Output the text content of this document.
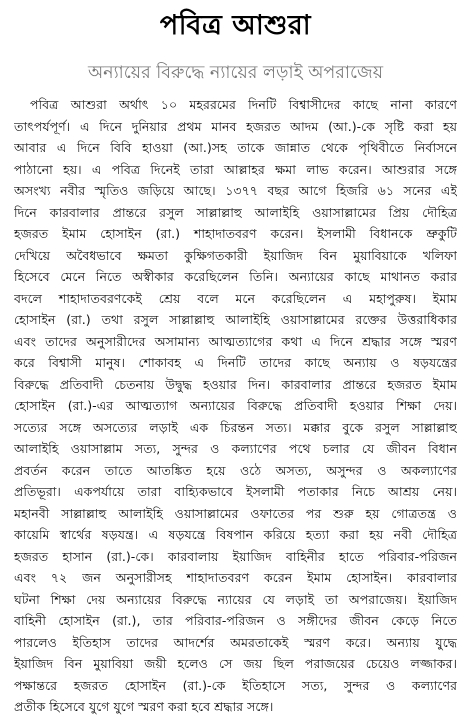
পবিত্র আশুরা
অন্যায়ের বিরুদ্ধে ন্যায়ের লড়াই অপরাজেয়
পবিত্র আশুরা অর্থাৎ ১০ মহররমের দিনটি বিশ্বাসীদের কাছে নানা কারণে
তাৎপর্যপূর্ণ। এ দিনে দুনিয়ার প্রথম মানব হজরত আদম (আ.)-কে সৃষ্টি করা হয়
আবার এ দিনে বিবি হাওয়া (আ.)সহ তাকে জান্নাত থেকে পৃথিবীতে নির্বাসনে
পাঠানো হয়। এ পবিত্র দিনেই তারা আল্লাহর ক্ষমা লাভ করেন। আশুরার সঙ্গে
অসংখ্য নবীর স্মৃতিও জড়িয়ে আছে। ১৩৭৭ বছর আগে হিজরি ৬১ সনের এই
দিনে কারবালার প্রান্তরে রসুল সাল্লাল্লাহু আলাইহি ওয়াসাল্লামের প্রিয় দৌহিত্র
হজরত ইমাম হোসাইন (রা.) শাহাদাতবরণ করেন। ইসলামী বিধানকে ভ্রুকুটি
দেখিয়ে অবৈধভাবে ক্ষমতা কুক্ষিগতকারী ইয়াজিদ বিন মুয়াবিয়াকে খলিফা
হিসেবে মেনে নিতে অস্বীকার করেছিলেন তিনি। অন্যায়ের কাছে মাথানত করার
বদলে শাহাদাতবরণকেই শ্রেয় বলে মনে করেছিলেন এ মহাপুরুষ। ইমাম
হোসাইন (রা.) তথা রসুল সাল্লাল্লাহু আলাইহি ওয়াসাল্লামের রক্তের উত্তরাধিকার
এবং তাদের অনুসারীদের অসামান্য আত্মত্যাগের কথা এ দিনে শ্রদ্ধার সঙ্গে স্মরণ
করে বিশ্বাসী মানুষ। শোকাবহ এ দিনটি তাদের কাছে অন্যায় ও ষড়যন্ত্রের
বিরুদ্ধে প্রতিবাদী চেতনায় উদ্বুদ্ধ হওয়ার দিন। কারবালার প্রান্তরে হজরত ইমাম
হোসাইন (রা.)-এর আত্মত্যাগ অন্যায়ের বিরুদ্ধে প্রতিবাদী হওয়ার শিক্ষা দেয়।
সত্যের সঙ্গে অসত্যের লড়াই এক চিরন্তন সত্য। মক্কার বুকে রসুল সাল্লাল্লাহু
আলাইহি ওয়াসাল্লাম সত্য, সুন্দর ও কল্যাণের পথে চলার যে জীবন বিধান
প্রবর্তন করেন তাতে আতঙ্কিত হয়ে ওঠে অসত্য, অসুন্দর ও অকল্যাণের
প্রতিভূরা। একপর্যায়ে তারা বাহ্যিকভাবে ইসলামী পতাকার নিচে আশ্রয় নেয়।
মহানবী সাল্লাল্লাহু আলাইহি ওয়াসাল্লামের ওফাতের পর শুরু হয় গোত্রতন্ত্র ও
কায়েমি স্বার্থের ষড়যন্ত্র। এ ষড়যন্ত্রে বিষপান করিয়ে হত্যা করা হয় নবী দৌহিত্র
হজরত হাসান (রা.)-কে। কারবালায় ইয়াজিদ বাহিনীর হাতে পরিবার-পরিজন
এবং ৭২ জন অনুসারীসহ শাহাদাতবরণ করেন ইমাম হোসাইন। কারবালার
ঘটনা শিক্ষা দেয় অন্যায়ের বিরুদ্ধে ন্যায়ের যে লড়াই তা অপরাজেয়। ইয়াজিদ
বাহিনী হোসাইন (রা.), তার পরিবার-পরিজন ও সঙ্গীদের জীবন কেড়ে নিতে
পারলেও ইতিহাস তাদের আদর্শের অমরতাকেই স্মরণ করে। অন্যায় যুদ্ধে
ইয়াজিদ বিন মুয়াবিয়া জয়ী হলেও সে জয় ছিল পরাজয়ের চেয়েও লজ্জাকর।
পক্ষান্তরে হজরত হোসাইন (রা.)-কে ইতিহাসে সত্য, সুন্দর ও কল্যাণের
প্রতীক হিসেবে যুগে যুগে স্মরণ করা হবে শ্রদ্ধার সঙ্গে।
